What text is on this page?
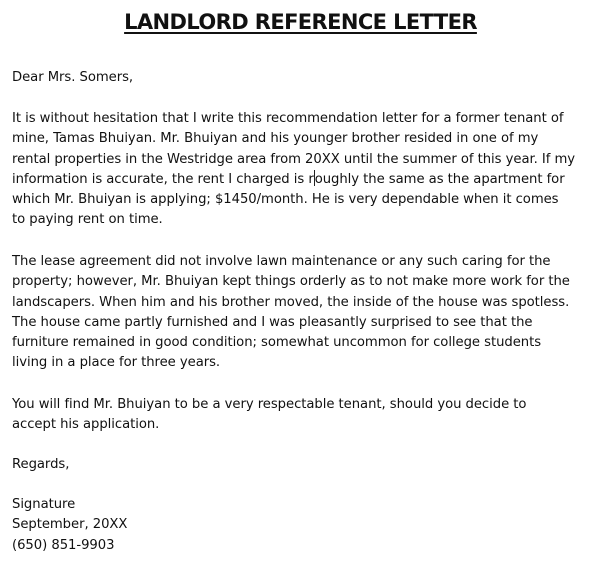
LANDLORD REFERENCE LETTER
Dear Mrs. Somers,
It is without hesitation that I write this recommendation letter for a former tenant of
mine, Tamas Bhuiyan. Mr. Bhuiyan and his younger brother resided in one of my
rental properties in the Westridge area from 20XX until the summer of this year. If my
information is accurate, the rent I charged is roughly the same as the apartment for
which Mr. Bhuiyan is applying; $1450/month. He is very dependable when it comes
to paying rent on time.
The lease agreement did not involve lawn maintenance or any such caring for the
property; however, Mr. Bhuiyan kept things orderly as to not make more work for the
landscapers. When him and his brother moved, the inside of the house was spotless.
The house came partly furnished and I was pleasantly surprised to see that the
furniture remained in good condition; somewhat uncommon for college students
living in a place for three years.
You will find Mr. Bhuiyan to be a very respectable tenant, should you decide to
accept his application.
Regards,
Signature
September, 20XX
(650) 851-9903
